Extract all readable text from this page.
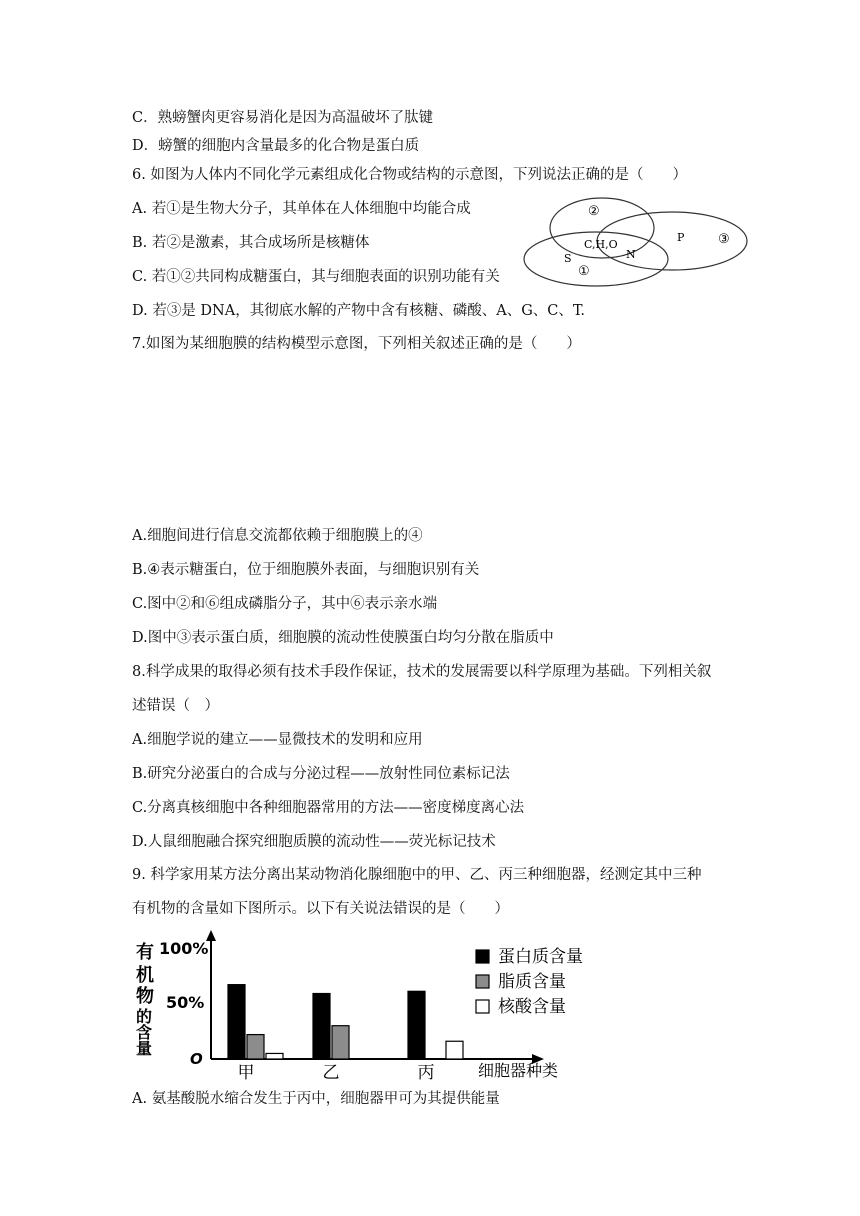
C．熟螃蟹肉更容易消化是因为高温破坏了肽键
D．螃蟹的细胞内含量最多的化合物是蛋白质
6. 如图为人体内不同化学元素组成化合物或结构的示意图，下列说法正确的是（　　）
A. 若①是生物大分子，其单体在人体细胞中均能合成
B. 若②是激素，其合成场所是核糖体
C. 若①②共同构成糖蛋白，其与细胞表面的识别功能有关
D. 若③是 DNA，其彻底水解的产物中含有核糖、磷酸、A、G、C、T.
②
③
①
C,H,O
N
P
S
7.如图为某细胞膜的结构模型示意图，下列相关叙述正确的是（　　）
A.细胞间进行信息交流都依赖于细胞膜上的④
B.④表示糖蛋白，位于细胞膜外表面，与细胞识别有关
C.图中②和⑥组成磷脂分子，其中⑥表示亲水端
D.图中③表示蛋白质，细胞膜的流动性使膜蛋白均匀分散在脂质中
8.科学成果的取得必须有技术手段作保证，技术的发展需要以科学原理为基础。下列相关叙
述错误（　）
A.细胞学说的建立——显微技术的发明和应用
B.研究分泌蛋白的合成与分泌过程——放射性同位素标记法
C.分离真核细胞中各种细胞器常用的方法——密度梯度离心法
D.人鼠细胞融合探究细胞质膜的流动性——荧光标记技术
9. 科学家用某方法分离出某动物消化腺细胞中的甲、乙、丙三种细胞器，经测定其中三种
有机物的含量如下图所示。以下有关说法错误的是（　　）
有
机
物
的
含
量
100%
50%
O
细胞器种类
甲	乙	丙
蛋白质含量
脂质含量
核酸含量
A. 氨基酸脱水缩合发生于丙中，细胞器甲可为其提供能量
